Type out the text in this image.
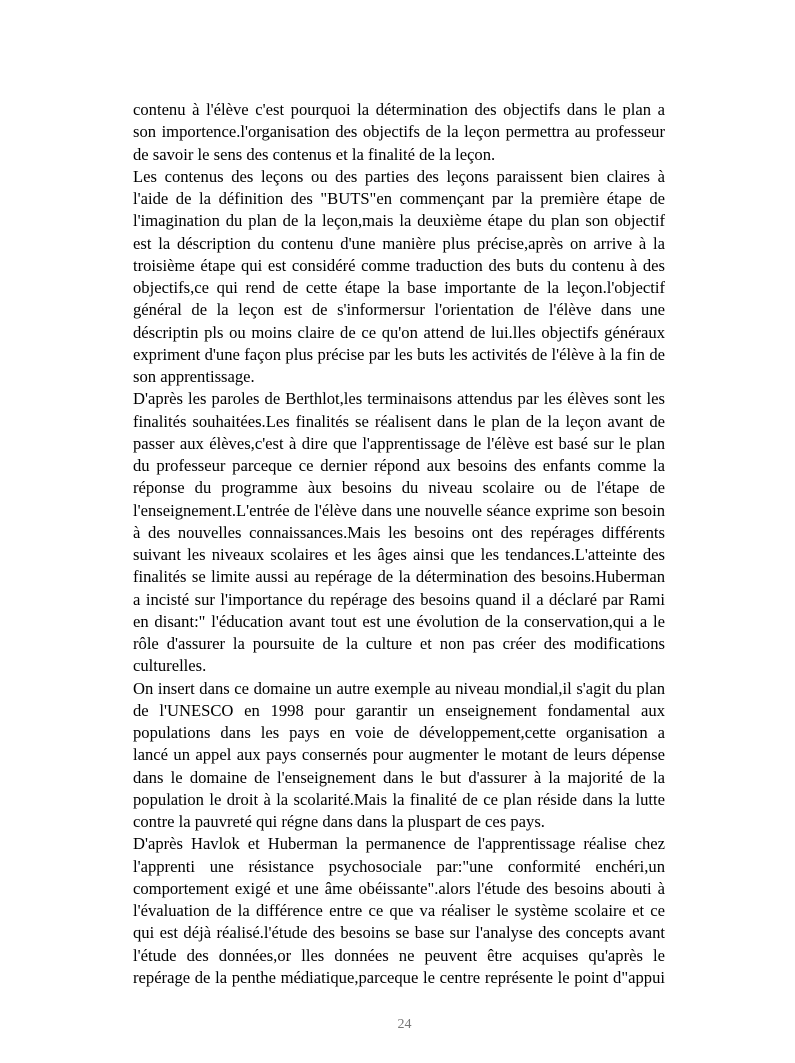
contenu à l'élève c'est pourquoi la détermination des objectifs dans le plan a
son importence.l'organisation des objectifs de la leçon permettra au professeur
de savoir le sens des contenus et la finalité de la leçon.
Les contenus des leçons ou des parties des leçons paraissent bien claires à
l'aide de la définition des "BUTS"en commençant par la première étape de
l'imagination du plan de la leçon,mais la deuxième étape du plan son objectif
est la déscription du contenu d'une manière plus précise,après on arrive à la
troisième étape qui est considéré comme traduction des buts du contenu à des
objectifs,ce qui rend de cette étape la base importante de la leçon.l'objectif
général de la leçon est de s'informersur l'orientation de l'élève dans une
déscriptin pls ou moins claire de ce qu'on attend de lui.lles objectifs généraux
expriment d'une façon plus précise par les buts les activités de l'élève à la fin de
son apprentissage.
D'après les paroles de Berthlot,les terminaisons attendus par les élèves sont les
finalités souhaitées.Les finalités se réalisent dans le plan de la leçon avant de
passer aux élèves,c'est à dire que l'apprentissage de l'élève est basé sur le plan
du professeur parceque ce dernier répond aux besoins des enfants comme la
réponse du programme àux besoins du niveau scolaire ou de l'étape de
l'enseignement.L'entrée de l'élève dans une nouvelle séance exprime son besoin
à des nouvelles connaissances.Mais les besoins ont des repérages différents
suivant les niveaux scolaires et les âges ainsi que les tendances.L'atteinte des
finalités se limite aussi au repérage de la détermination des besoins.Huberman
a incisté sur l'importance du repérage des besoins quand il a déclaré par Rami
en disant:" l'éducation avant tout est une évolution de la conservation,qui a le
rôle d'assurer la poursuite de la culture et non pas créer des modifications
culturelles.
On insert dans ce domaine un autre exemple au niveau mondial,il s'agit du plan
de l'UNESCO en 1998 pour garantir un enseignement fondamental aux
populations dans les pays en voie de développement,cette organisation a
lancé un appel aux pays consernés pour augmenter le motant de leurs dépense
dans le domaine de l'enseignement dans le but d'assurer à la majorité de la
population le droit à la scolarité.Mais la finalité de ce plan réside dans la lutte
contre la pauvreté qui régne dans dans la pluspart de ces pays.
D'après Havlok et Huberman la permanence de l'apprentissage réalise chez
l'apprenti une résistance psychosociale par:"une conformité enchéri,un
comportement exigé et une âme obéissante".alors l'étude des besoins abouti à
l'évaluation de la différence entre ce que va réaliser le système scolaire et ce
qui est déjà réalisé.l'étude des besoins se base sur l'analyse des concepts avant
l'étude des données,or lles données ne peuvent être acquises qu'après le
repérage de la penthe médiatique,parceque le centre représente le point d"appui
24
